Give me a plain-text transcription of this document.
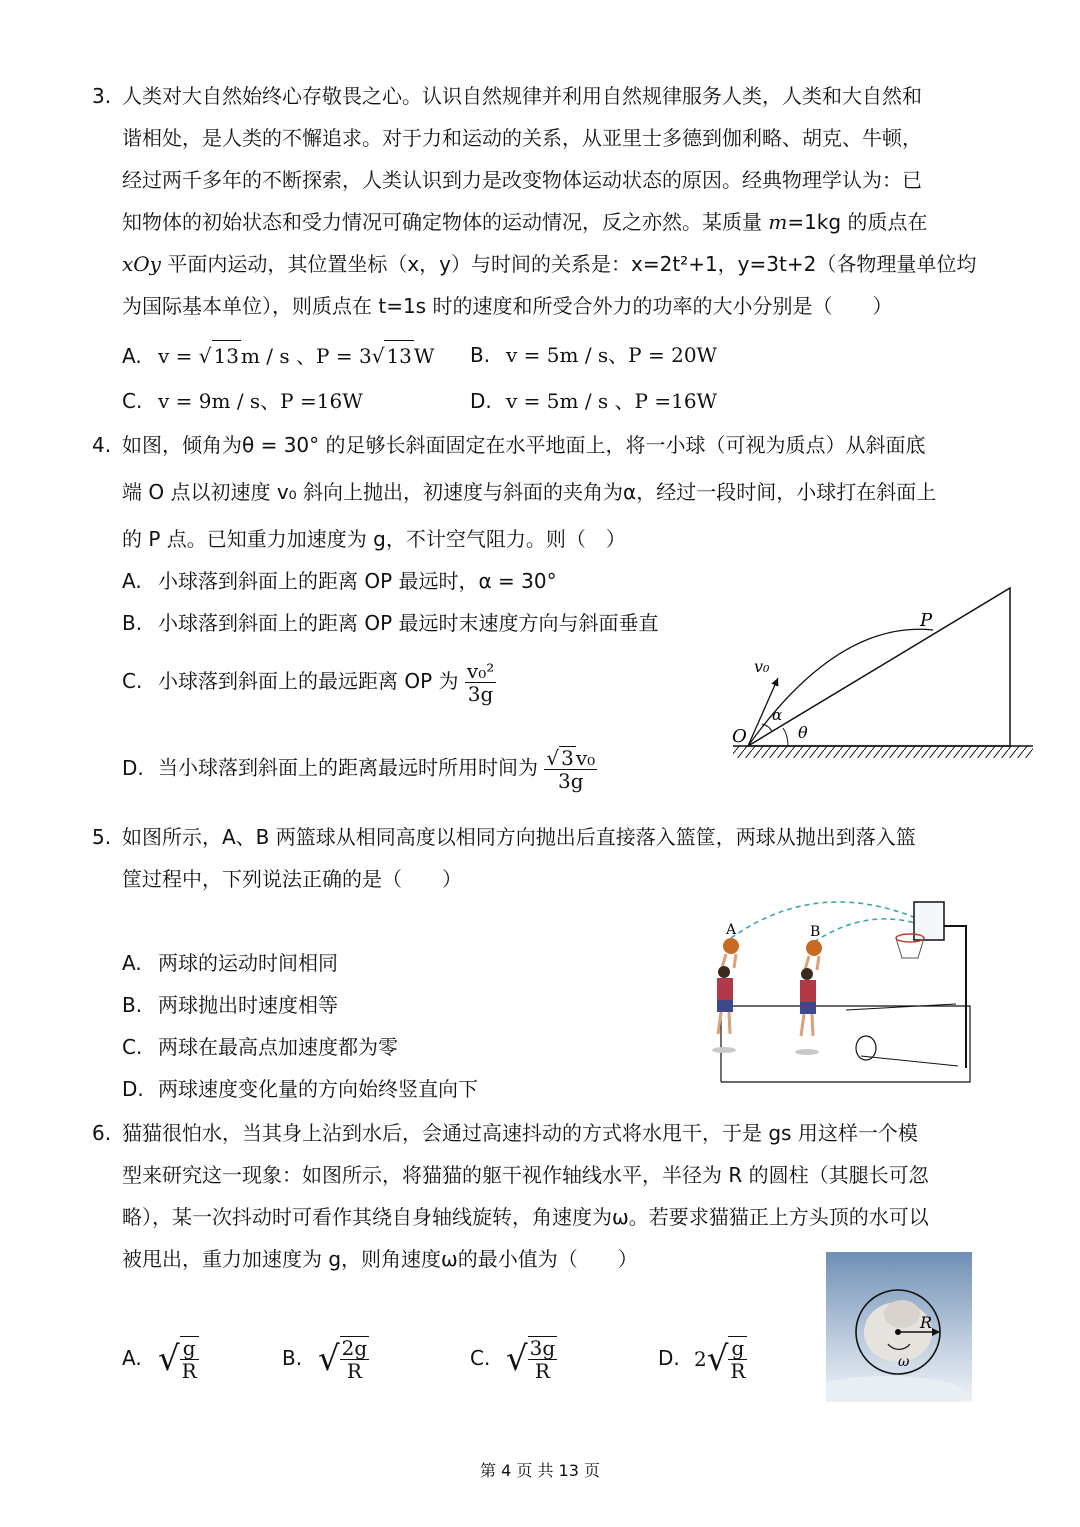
3. 人类对大自然始终心存敬畏之心。认识自然规律并利用自然规律服务人类，人类和大自然和

谐相处，是人类的不懈追求。对于力和运动的关系，从亚里士多德到伽利略、胡克、牛顿，

经过两千多年的不断探索，人类认识到力是改变物体运动状态的原因。经典物理学认为：已

知物体的初始状态和受力情况可确定物体的运动情况，反之亦然。某质量 m=1kg 的质点在

xOy 平面内运动，其位置坐标（x，y）与时间的关系是：x=2t²+1，y=3t+2（各物理量单位均

为国际基本单位），则质点在 t=1s 时的速度和所受合外力的功率的大小分别是（　　）

A. v = √ 13 m / s 、P = 3√ 13 W B. v = 5m / s、P = 20W
C. v = 9m / s、P =16W	D. v = 5m / s 、P =16W

4. 如图，倾角为θ = 30° 的足够长斜面固定在水平地面上，将一小球（可视为质点）从斜面底

端 O 点以初速度 v₀ 斜向上抛出，初速度与斜面的夹角为α，经过一段时间，小球打在斜面上

的 P 点。已知重力加速度为 g，不计空气阻力。则（　）

A. 小球落到斜面上的距离 OP 最远时，α = 30°
B. 小球落到斜面上的距离 OP 最远时末速度方向与斜面垂直
C. 小球落到斜面上的最远距离 OP 为 $\frac{\text{v₀²}}{3g}$
D. 当小球落到斜面上的距离最远时所用时间为 $\frac{\text{√ 3 v₀}}{3g}$
P
v₀
O
α
θ

5. 如图所示，A、B 两篮球从相同高度以相同方向抛出后直接落入篮筐，两球从抛出到落入篮

筐过程中，下列说法正确的是（　　）

A. 两球的运动时间相同
B. 两球抛出时速度相等
C. 两球在最高点加速度都为零
D. 两球速度变化量的方向始终竖直向下
A	B

6. 猫猫很怕水，当其身上沾到水后，会通过高速抖动的方式将水甩干，于是 gs 用这样一个模

型来研究这一现象：如图所示，将猫猫的躯干视作轴线水平，半径为 R 的圆柱（其腿长可忽

略），某一次抖动时可看作其绕自身轴线旋转，角速度为ω。若要求猫猫正上方头顶的水可以

被甩出，重力加速度为 g，则角速度ω的最小值为（　　）

A. √ $\frac{g}{R}$	B. √ $\frac{2g}{R}$	C. √ $\frac{3g}{R}$	D. $2√ \frac{g}{R}$
R
ω
第 4 页 共 13 页
